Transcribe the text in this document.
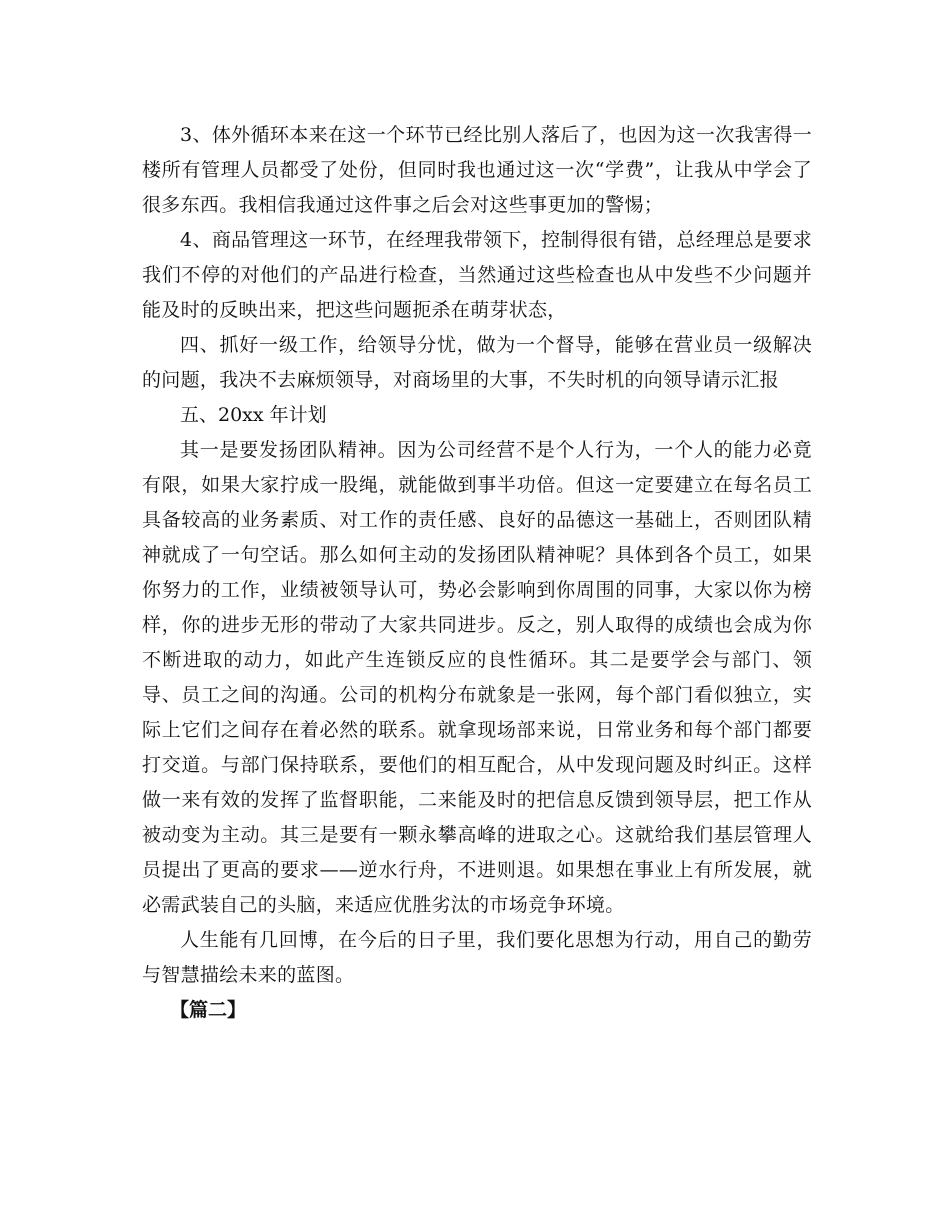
3、体外循环本来在这一个环节已经比别人落后了，也因为这一次我害得一楼所有管理人员都受了处份，但同时我也通过这一次“学费”，让我从中学会了很多东西。我相信我通过这件事之后会对这些事更加的警惕；

4、商品管理这一环节，在经理我带领下，控制得很有错，总经理总是要求我们不停的对他们的产品进行检查，当然通过这些检查也从中发些不少问题并能及时的反映出来，把这些问题扼杀在萌芽状态，

四、抓好一级工作，给领导分忧，做为一个督导，能够在营业员一级解决的问题，我决不去麻烦领导，对商场里的大事，不失时机的向领导请示汇报

五、20xx 年计划

其一是要发扬团队精神。因为公司经营不是个人行为，一个人的能力必竟有限，如果大家拧成一股绳，就能做到事半功倍。但这一定要建立在每名员工具备较高的业务素质、对工作的责任感、良好的品德这一基础上，否则团队精神就成了一句空话。那么如何主动的发扬团队精神呢？具体到各个员工，如果你努力的工作，业绩被领导认可，势必会影响到你周围的同事，大家以你为榜样，你的进步无形的带动了大家共同进步。反之，别人取得的成绩也会成为你不断进取的动力，如此产生连锁反应的良性循环。其二是要学会与部门、领导、员工之间的沟通。公司的机构分布就象是一张网，每个部门看似独立，实际上它们之间存在着必然的联系。就拿现场部来说，日常业务和每个部门都要打交道。与部门保持联系，要他们的相互配合，从中发现问题及时纠正。这样做一来有效的发挥了监督职能，二来能及时的把信息反馈到领导层，把工作从被动变为主动。其三是要有一颗永攀高峰的进取之心。这就给我们基层管理人员提出了更高的要求——逆水行舟，不进则退。如果想在事业上有所发展，就必需武装自己的头脑，来适应优胜劣汰的市场竞争环境。

人生能有几回博，在今后的日子里，我们要化思想为行动，用自己的勤劳与智慧描绘未来的蓝图。

【篇二】
